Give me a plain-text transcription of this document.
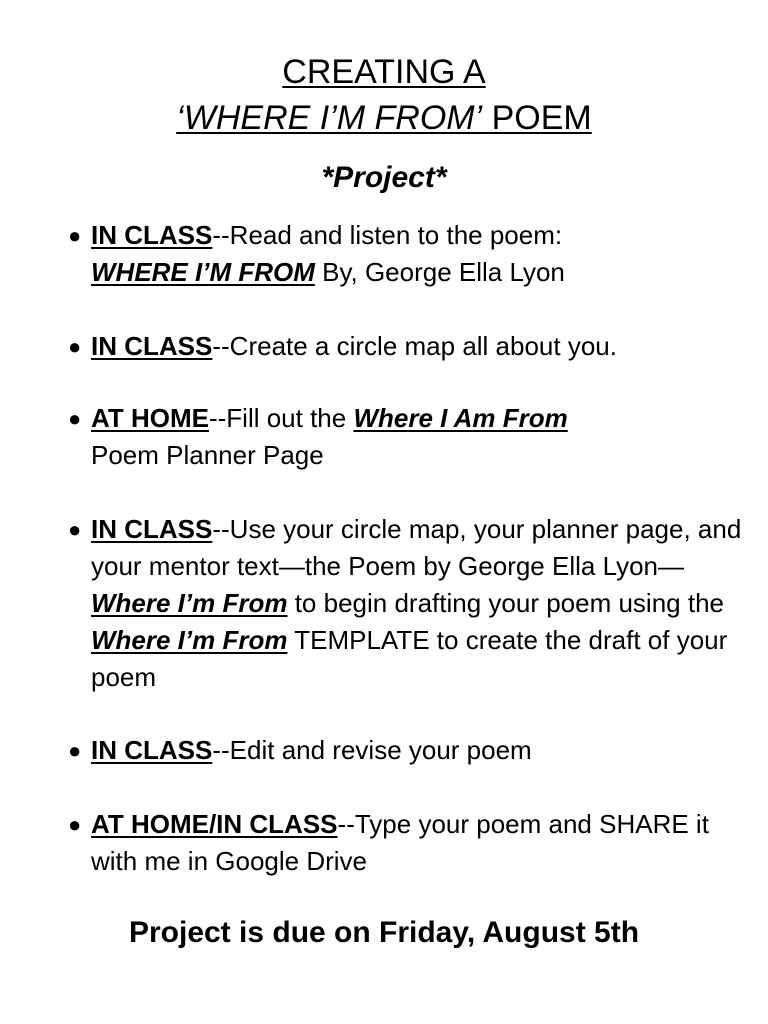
CREATING A
‘WHERE I’M FROM’ POEM
*Project*
● IN CLASS--Read and listen to the poem:
WHERE I’M FROM By, George Ella Lyon
● IN CLASS--Create a circle map all about you.
● AT HOME--Fill out the Where I Am From
Poem Planner Page
● IN CLASS--Use your circle map, your planner page, and your mentor text—the Poem by George Ella Lyon—Where I’m From to begin drafting your poem using the Where I’m From TEMPLATE to create the draft of your poem
● IN CLASS--Edit and revise your poem
● AT HOME/IN CLASS--Type your poem and SHARE it with me in Google Drive
Project is due on Friday, August 5th
